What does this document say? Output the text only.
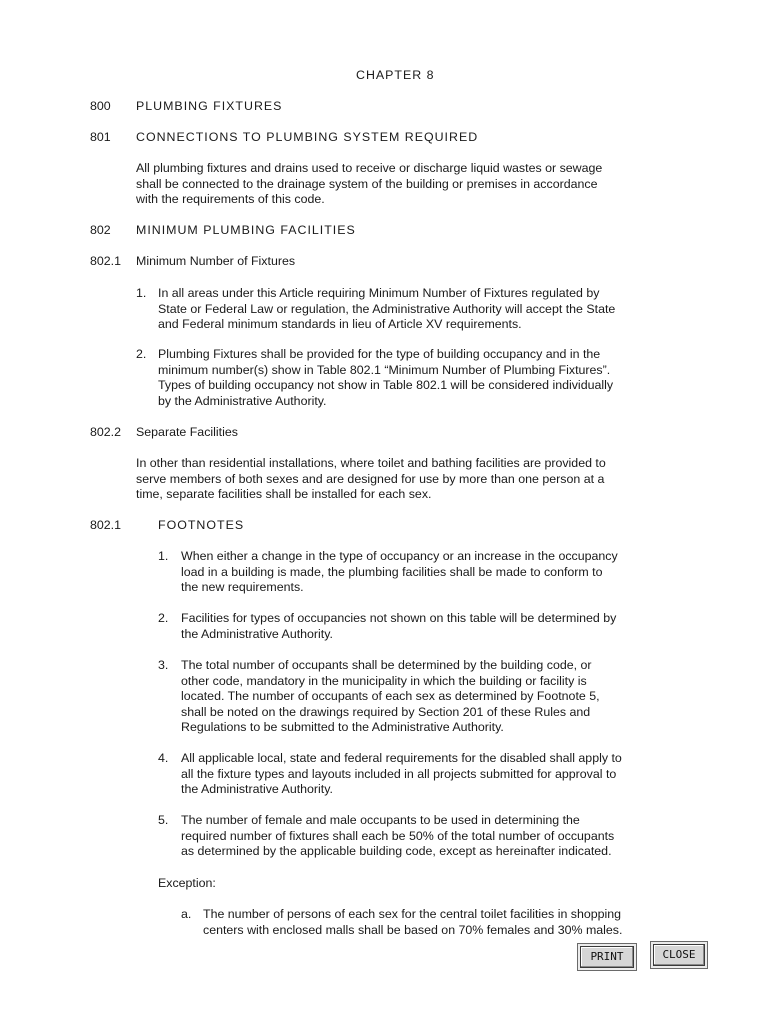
CHAPTER 8
800 PLUMBING FIXTURES
801 CONNECTIONS TO PLUMBING SYSTEM REQUIRED
All plumbing fixtures and drains used to receive or discharge liquid wastes or sewage
shall be connected to the drainage system of the building or premises in accordance
with the requirements of this code.
802 MINIMUM PLUMBING FACILITIES
802.1 Minimum Number of Fixtures
1. In all areas under this Article requiring Minimum Number of Fixtures regulated by
State or Federal Law or regulation, the Administrative Authority will accept the State
and Federal minimum standards in lieu of Article XV requirements.
2. Plumbing Fixtures shall be provided for the type of building occupancy and in the
minimum number(s) show in Table 802.1 “Minimum Number of Plumbing Fixtures”.
Types of building occupancy not show in Table 802.1 will be considered individually
by the Administrative Authority.
802.2 Separate Facilities
In other than residential installations, where toilet and bathing facilities are provided to
serve members of both sexes and are designed for use by more than one person at a
time, separate facilities shall be installed for each sex.
802.1	FOOTNOTES
1. When either a change in the type of occupancy or an increase in the occupancy
load in a building is made, the plumbing facilities shall be made to conform to
the new requirements.
2. Facilities for types of occupancies not shown on this table will be determined by
the Administrative Authority.
3. The total number of occupants shall be determined by the building code, or
other code, mandatory in the municipality in which the building or facility is
located. The number of occupants of each sex as determined by Footnote 5,
shall be noted on the drawings required by Section 201 of these Rules and
Regulations to be submitted to the Administrative Authority.
4. All applicable local, state and federal requirements for the disabled shall apply to
all the fixture types and layouts included in all projects submitted for approval to
the Administrative Authority.
5. The number of female and male occupants to be used in determining the
required number of fixtures shall each be 50% of the total number of occupants
as determined by the applicable building code, except as hereinafter indicated.
Exception:
a. The number of persons of each sex for the central toilet facilities in shopping
centers with enclosed malls shall be based on 70% females and 30% males.
PRINT	CLOSE
